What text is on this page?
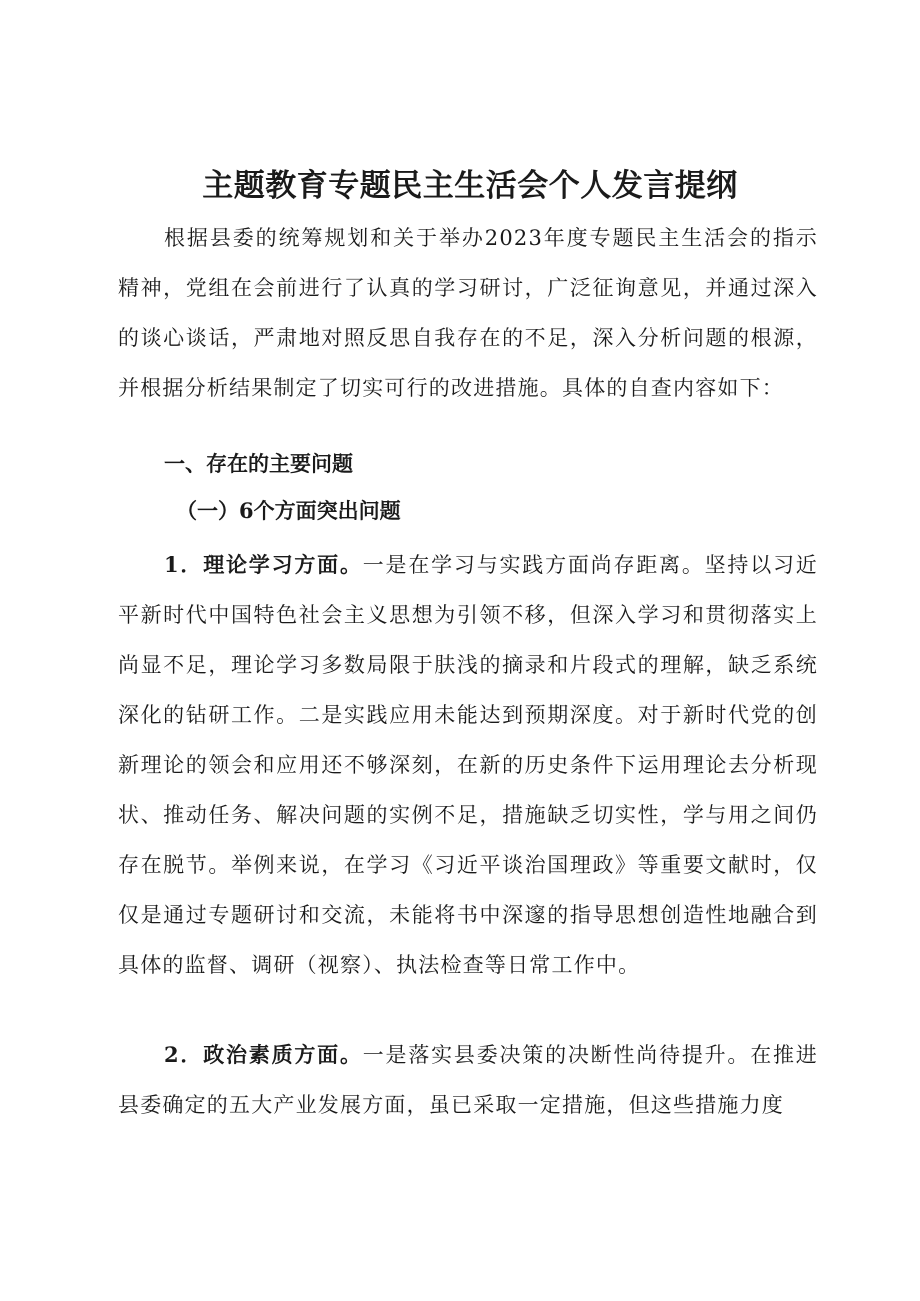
主题教育专题民主生活会个人发言提纲

根据县委的统筹规划和关于举办2023年度专题民主生活会的指示精神，党组在会前进行了认真的学习研讨，广泛征询意见，并通过深入的谈心谈话，严肃地对照反思自我存在的不足，深入分析问题的根源，并根据分析结果制定了切实可行的改进措施。具体的自查内容如下：

一、存在的主要问题
（一）6个方面突出问题

1．理论学习方面。一是在学习与实践方面尚存距离。坚持以习近平新时代中国特色社会主义思想为引领不移，但深入学习和贯彻落实上尚显不足，理论学习多数局限于肤浅的摘录和片段式的理解，缺乏系统深化的钻研工作。二是实践应用未能达到预期深度。对于新时代党的创新理论的领会和应用还不够深刻，在新的历史条件下运用理论去分析现状、推动任务、解决问题的实例不足，措施缺乏切实性，学与用之间仍存在脱节。举例来说，在学习《习近平谈治国理政》等重要文献时，仅仅是通过专题研讨和交流，未能将书中深邃的指导思想创造性地融合到具体的监督、调研（视察）、执法检查等日常工作中。

2．政治素质方面。一是落实县委决策的决断性尚待提升。在推进县委确定的五大产业发展方面，虽已采取一定措施，但这些措施力度
